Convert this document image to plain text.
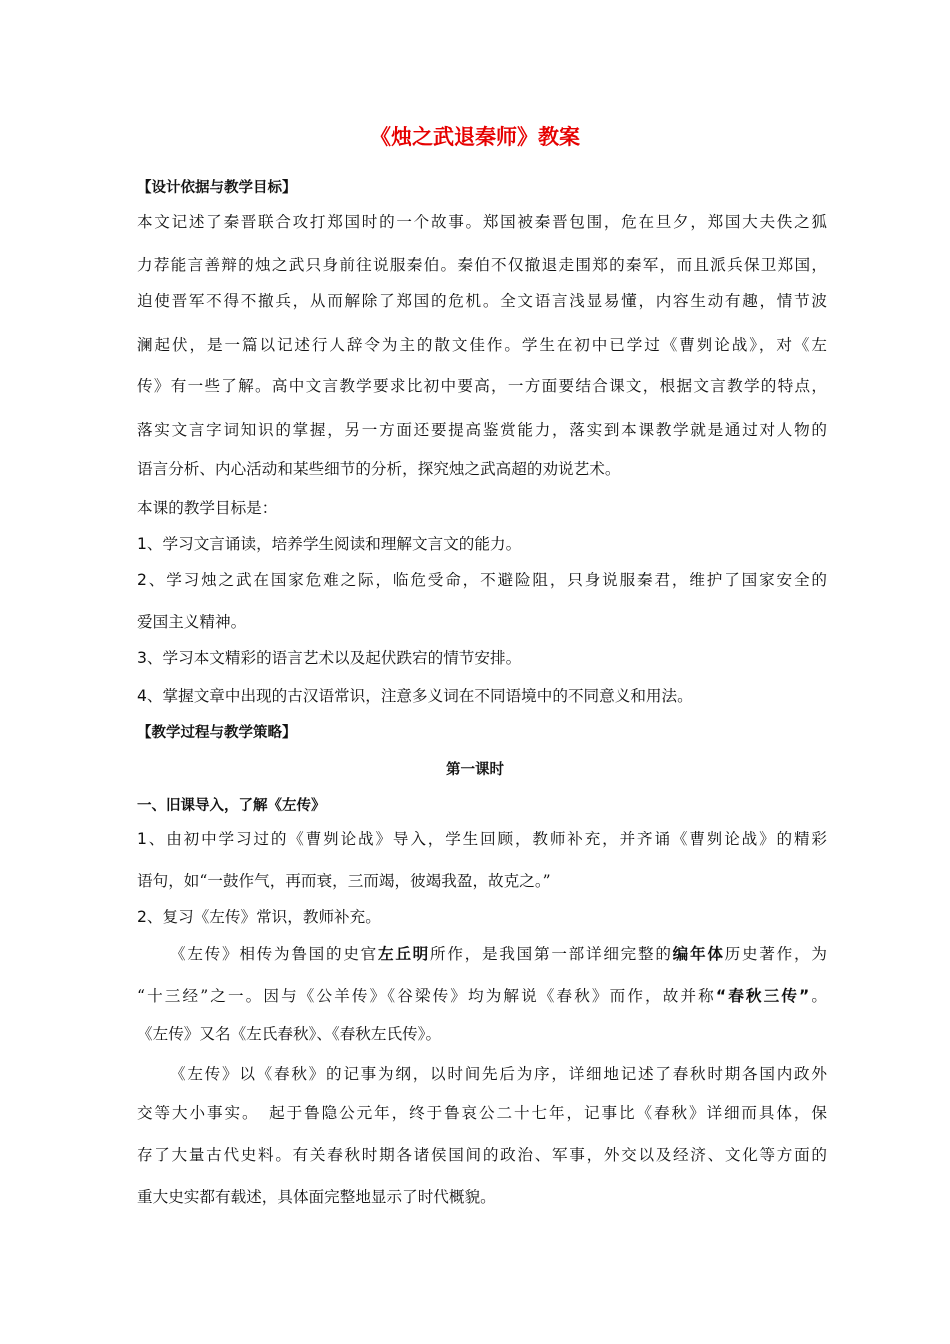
《烛之武退秦师》教案
【设计依据与教学目标】
本文记述了秦晋联合攻打郑国时的一个故事。郑国被秦晋包围，危在旦夕，郑国大夫佚之狐
力荐能言善辩的烛之武只身前往说服秦伯。秦伯不仅撤退走围郑的秦军，而且派兵保卫郑国，
迫使晋军不得不撤兵，从而解除了郑国的危机。全文语言浅显易懂，内容生动有趣，情节波
澜起伏，是一篇以记述行人辞令为主的散文佳作。学生在初中已学过《曹刿论战》，对《左
传》有一些了解。高中文言教学要求比初中要高，一方面要结合课文，根据文言教学的特点，
落实文言字词知识的掌握，另一方面还要提高鉴赏能力，落实到本课教学就是通过对人物的
语言分析、内心活动和某些细节的分析，探究烛之武高超的劝说艺术。
本课的教学目标是：
1、学习文言诵读，培养学生阅读和理解文言文的能力。
2、学习烛之武在国家危难之际，临危受命，不避险阻，只身说服秦君，维护了国家安全的
爱国主义精神。
3、学习本文精彩的语言艺术以及起伏跌宕的情节安排。
4、掌握文章中出现的古汉语常识，注意多义词在不同语境中的不同意义和用法。
【教学过程与教学策略】
第一课时
一、旧课导入，了解《左传》
1、由初中学习过的《曹刿论战》导入，学生回顾，教师补充，并齐诵《曹刿论战》的精彩
语句，如“一鼓作气，再而衰，三而竭，彼竭我盈，故克之。”
2、复习《左传》常识，教师补充。
《左传》相传为鲁国的史官左丘明所作，是我国第一部详细完整的编年体历史著作，为
“十三经”之一。因与《公羊传》《谷梁传》均为解说《春秋》而作，故并称“春秋三传”。
《左传》又名《左氏春秋》、《春秋左氏传》。
《左传》以《春秋》的记事为纲，以时间先后为序，详细地记述了春秋时期各国内政外
交等大小事实。　起于鲁隐公元年，终于鲁哀公二十七年，记事比《春秋》详细而具体，保
存了大量古代史料。有关春秋时期各诸侯国间的政治、军事，外交以及经济、文化等方面的
重大史实都有载述，具体面完整地显示了时代概貌。
